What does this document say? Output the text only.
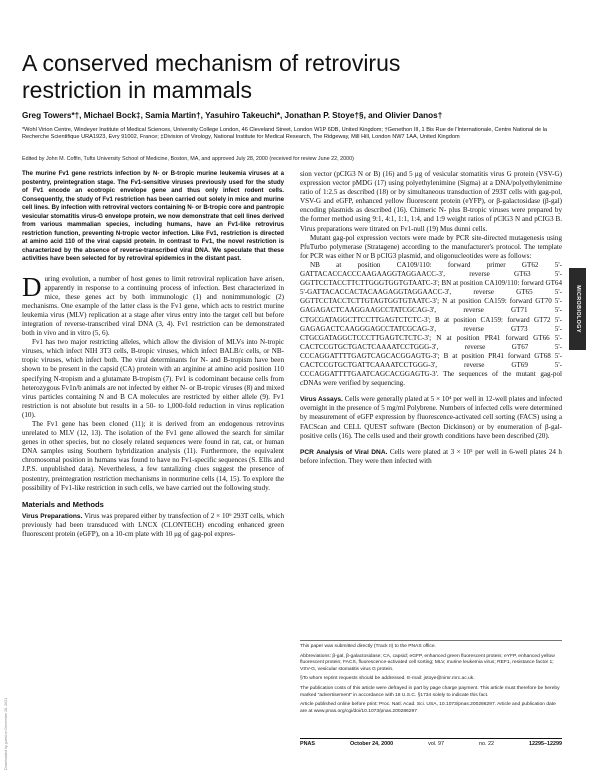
A conserved mechanism of retrovirus restriction in mammals
Greg Towers*†, Michael Bock‡, Samia Martin†, Yasuhiro Takeuchi*, Jonathan P. Stoye†§, and Olivier Danos†
*Wohl Virion Centre, Windeyer Institute of Medical Sciences, University College London, 46 Cleveland Street, London W1P 6DB, United Kingdom; †Genethon III, 1 Bis Rue de l'Internationale, Centre National de la Recherche Scientifique URA1923, Evry 91002, France; ‡Division of Virology, National Institute for Medical Research, The Ridgeway, Mill Hill, London NW7 1AA, United Kingdom
Edited by John M. Coffin, Tufts University School of Medicine, Boston, MA, and approved July 28, 2000 (received for review June 22, 2000)

The murine Fv1 gene restricts infection by N- or B-tropic murine leukemia viruses at a postentry, preintegration stage. The Fv1-sensitive viruses previously used for the study of Fv1 encode an ecotropic envelope gene and thus only infect rodent cells. Consequently, the study of Fv1 restriction has been carried out solely in mice and murine cell lines. By infection with retroviral vectors containing N- or B-tropic core and pantropic vesicular stomatitis virus-G envelope protein, we now demonstrate that cell lines derived from various mammalian species, including humans, have an Fv1-like retrovirus restriction function, preventing N-tropic vector infection. Like Fv1, restriction is directed at amino acid 110 of the viral capsid protein. In contrast to Fv1, the novel restriction is characterized by the absence of reverse-transcribed viral DNA. We speculate that these activities have been selected for by retroviral epidemics in the distant past.

During evolution, a number of host genes to limit retroviral replication have arisen, apparently in response to a continuing process of infection. Best characterized in mice, these genes act by both immunologic (1) and nonimmunologic (2) mechanisms. One example of the latter class is the Fv1 gene, which acts to restrict murine leukemia virus (MLV) replication at a stage after virus entry into the target cell but before integration of reverse-transcribed viral DNA (3, 4). Fv1 restriction can be demonstrated both in vivo and in vitro (5, 6).

Fv1 has two major restricting alleles, which allow the division of MLVs into N-tropic viruses, which infect NIH 3T3 cells, B-tropic viruses, which infect BALB/c cells, or NB-tropic viruses, which infect both. The viral determinants for N- and B-tropism have been shown to be present in the capsid (CA) protein with an arginine at amino acid position 110 specifying N-tropism and a glutamate B-tropism (7). Fv1 is codominant because cells from heterozygous Fv1n/b animals are not infected by either N- or B-tropic viruses (8) and mixed virus particles containing N and B CA molecules are restricted by either allele (9). Fv1 restriction is not absolute but results in a 50- to 1,000-fold reduction in virus replication (10).

The Fv1 gene has been cloned (11); it is derived from an endogenous retrovirus unrelated to MLV (12, 13). The isolation of the Fv1 gene allowed the search for similar genes in other species, but no closely related sequences were found in rat, cat, or human DNA samples using Southern hybridization analysis (11). Furthermore, the equivalent chromosomal position in humans was found to have no Fv1-specific sequences (S. Ellis and J.P.S. unpublished data). Nevertheless, a few tantalizing clues suggest the presence of postentry, preintegration restriction mechanisms in nonmurine cells (14, 15). To explore the possibility of Fv1-like restriction in such cells, we have carried out the following study.

Materials and Methods

Virus Preparations. Virus was prepared either by transfection of 2 × 10⁶ 293T cells, which previously had been transduced with LNCX (CLONTECH) encoding enhanced green fluorescent protein (eGFP), on a 10-cm plate with 10 μg of gag-pol expres-

sion vector (pCIG3 N or B) (16) and 5 μg of vesicular stomatitis virus G protein (VSV-G) expression vector pMDG (17) using polyethylenimine (Sigma) at a DNA/polyethylenimine ratio of 1:2.5 as described (18) or by simultaneous transduction of 293T cells with gag-pol, VSV-G and eGFP, enhanced yellow fluorescent protein (eYFP), or β-galactosidase (β-gal) encoding plasmids as described (16). Chimeric N- plus B-tropic viruses were prepared by the former method using 9:1, 4:1, 1:1, 1:4, and 1:9 weight ratios of pCIG3 N and pCIG3 B. Virus preparations were titrated on Fv1-null (19) Mus dunni cells.

Mutant gag-pol expression vectors were made by PCR site-directed mutagenesis using PfuTurbo polymerase (Stratagene) according to the manufacturer's protocol. The template for PCR was either N or B pCIG3 plasmid, and oligonucleotides were as follows:

NB at position CA109/110: forward primer GT62 5'-GATTACACCACCCAAGAAGGTAGGAACC-3', reverse GT63 5'-GGTTCCTACCTTCTTGGGTGGTGTAATC-3'; BN at position CA109/110: forward GT64 5'-GATTACACCACTACAAGAGGTAGGAACC-3', reverse GT65 5'-GGTTCCTACCTCTTGTAGTGGTGTAATC-3'; N at position CA159: forward GT70 5'-GAGAGACTCAAGGAAGCCTATCGCAG-3', reverse GT71 5'-CTGCGATAGGCTTCCTTGAGTCTCTC-3'; B at position CA159: forward GT72 5'-GAGAGACTCAAGGGAGCCTATCGCAG-3', reverse GT73 5'-CTGCGATAGGCTCCCTTGAGTCTCTC-3'; N at position PR41 forward GT66 5'-CACTCCGTGCTGACTCAAAATCCTGGG-3', reverse GT67 5'-CCCAGGATTTTGAGTCAGCACGGAGTG-3'; B at position PR41 forward GT68 5'-CACTCCGTGCTGATTCAAAATCCTGGG-3', reverse GT69 5'-CCCAGGATTTTGAATCAGCACGGAGTG-3'. The sequences of the mutant gag-pol cDNAs were verified by sequencing.

Virus Assays. Cells were generally plated at 5 × 10⁴ per well in 12-well plates and infected overnight in the presence of 5 mg/ml Polybrene. Numbers of infected cells were determined by measurement of eGFP expression by fluorescence-activated cell sorting (FACS) using a FACScan and CELL QUEST software (Becton Dickinson) or by enumeration of β-gal-positive cells (16). The cells used and their growth conditions have been described (20).

PCR Analysis of Viral DNA. Cells were plated at 3 × 10⁵ per well in 6-well plates 24 h before infection. They were then infected with

This paper was submitted directly (Track II) to the PNAS office.

Abbreviations: β-gal, β-galactosidase; CA, capsid; eGFP, enhanced green fluorescent protein; eYFP, enhanced yellow fluorescent protein; FACS, fluorescence-activated cell sorting; MLV, murine leukemia virus; REF1, resistance factor 1; VSV-G, vesicular stomatitis virus G protein.

§To whom reprint requests should be addressed. E-mail: jstoye@nimr.mrc.ac.uk.

The publication costs of this article were defrayed in part by page charge payment. This article must therefore be hereby marked "advertisement" in accordance with 18 U.S.C. §1734 solely to indicate this fact.

Article published online before print: Proc. Natl. Acad. Sci. USA, 10.1073/pnas.200286297. Article and publication date are at www.pnas.org/cgi/doi/10.1073/pnas.200286297

PNAS	October 24, 2000	vol. 97	no. 22	12295–12299
MICROBIOLOGY
Downloaded by guest on December 28, 2021
